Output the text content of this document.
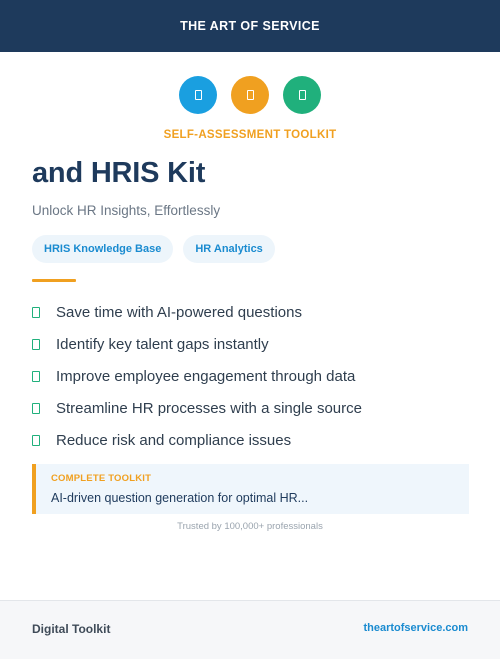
THE ART OF SERVICE
SELF-ASSESSMENT TOOLKIT
and HRIS Kit
Unlock HR Insights, Effortlessly
HRIS Knowledge Base	HR Analytics
Save time with AI-powered questions
Identify key talent gaps instantly
Improve employee engagement through data
Streamline HR processes with a single source
Reduce risk and compliance issues
COMPLETE TOOLKIT
AI-driven question generation for optimal HR...
Trusted by 100,000+ professionals
Digital Toolkit	theartofservice.com
